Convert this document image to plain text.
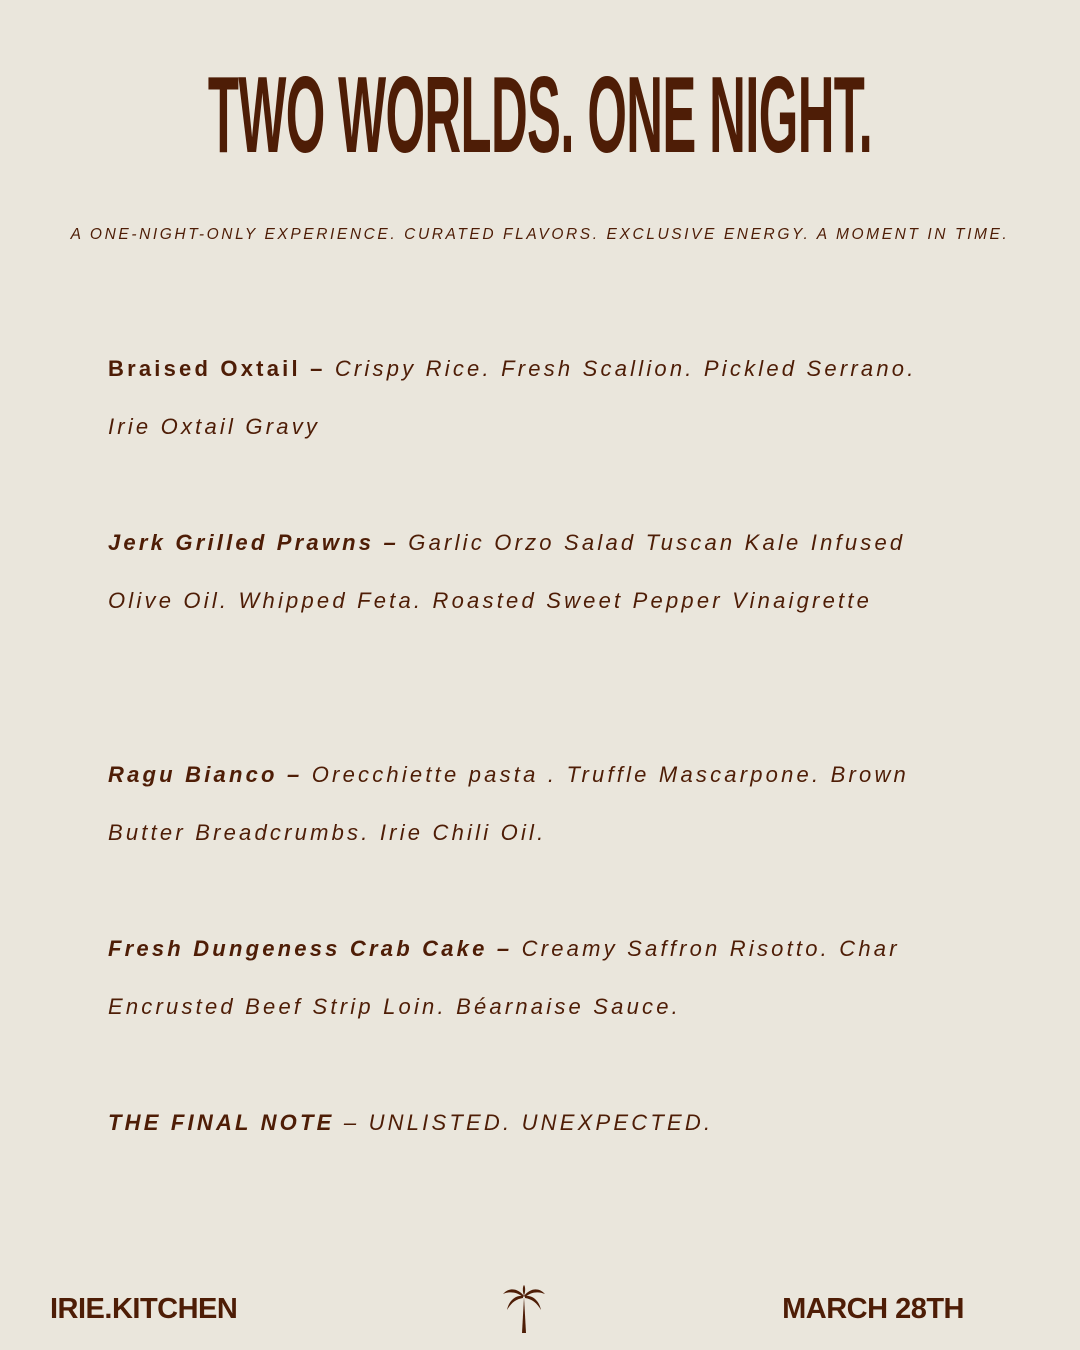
TWO WORLDS. ONE NIGHT.
A ONE-NIGHT-ONLY EXPERIENCE. CURATED FLAVORS. EXCLUSIVE ENERGY. A MOMENT IN TIME.
Braised Oxtail – Crispy Rice. Fresh Scallion. Pickled Serrano. Irie Oxtail Gravy
Jerk Grilled Prawns – Garlic Orzo Salad Tuscan Kale Infused Olive Oil. Whipped Feta. Roasted Sweet Pepper Vinaigrette
Ragu Bianco – Orecchiette pasta . Truffle Mascarpone. Brown Butter Breadcrumbs. Irie Chili Oil.
Fresh Dungeness Crab Cake – Creamy Saffron Risotto. Char Encrusted Beef Strip Loin. Béarnaise Sauce.
THE FINAL NOTE – UNLISTED. UNEXPECTED.
IRIE.KITCHEN	MARCH 28TH
